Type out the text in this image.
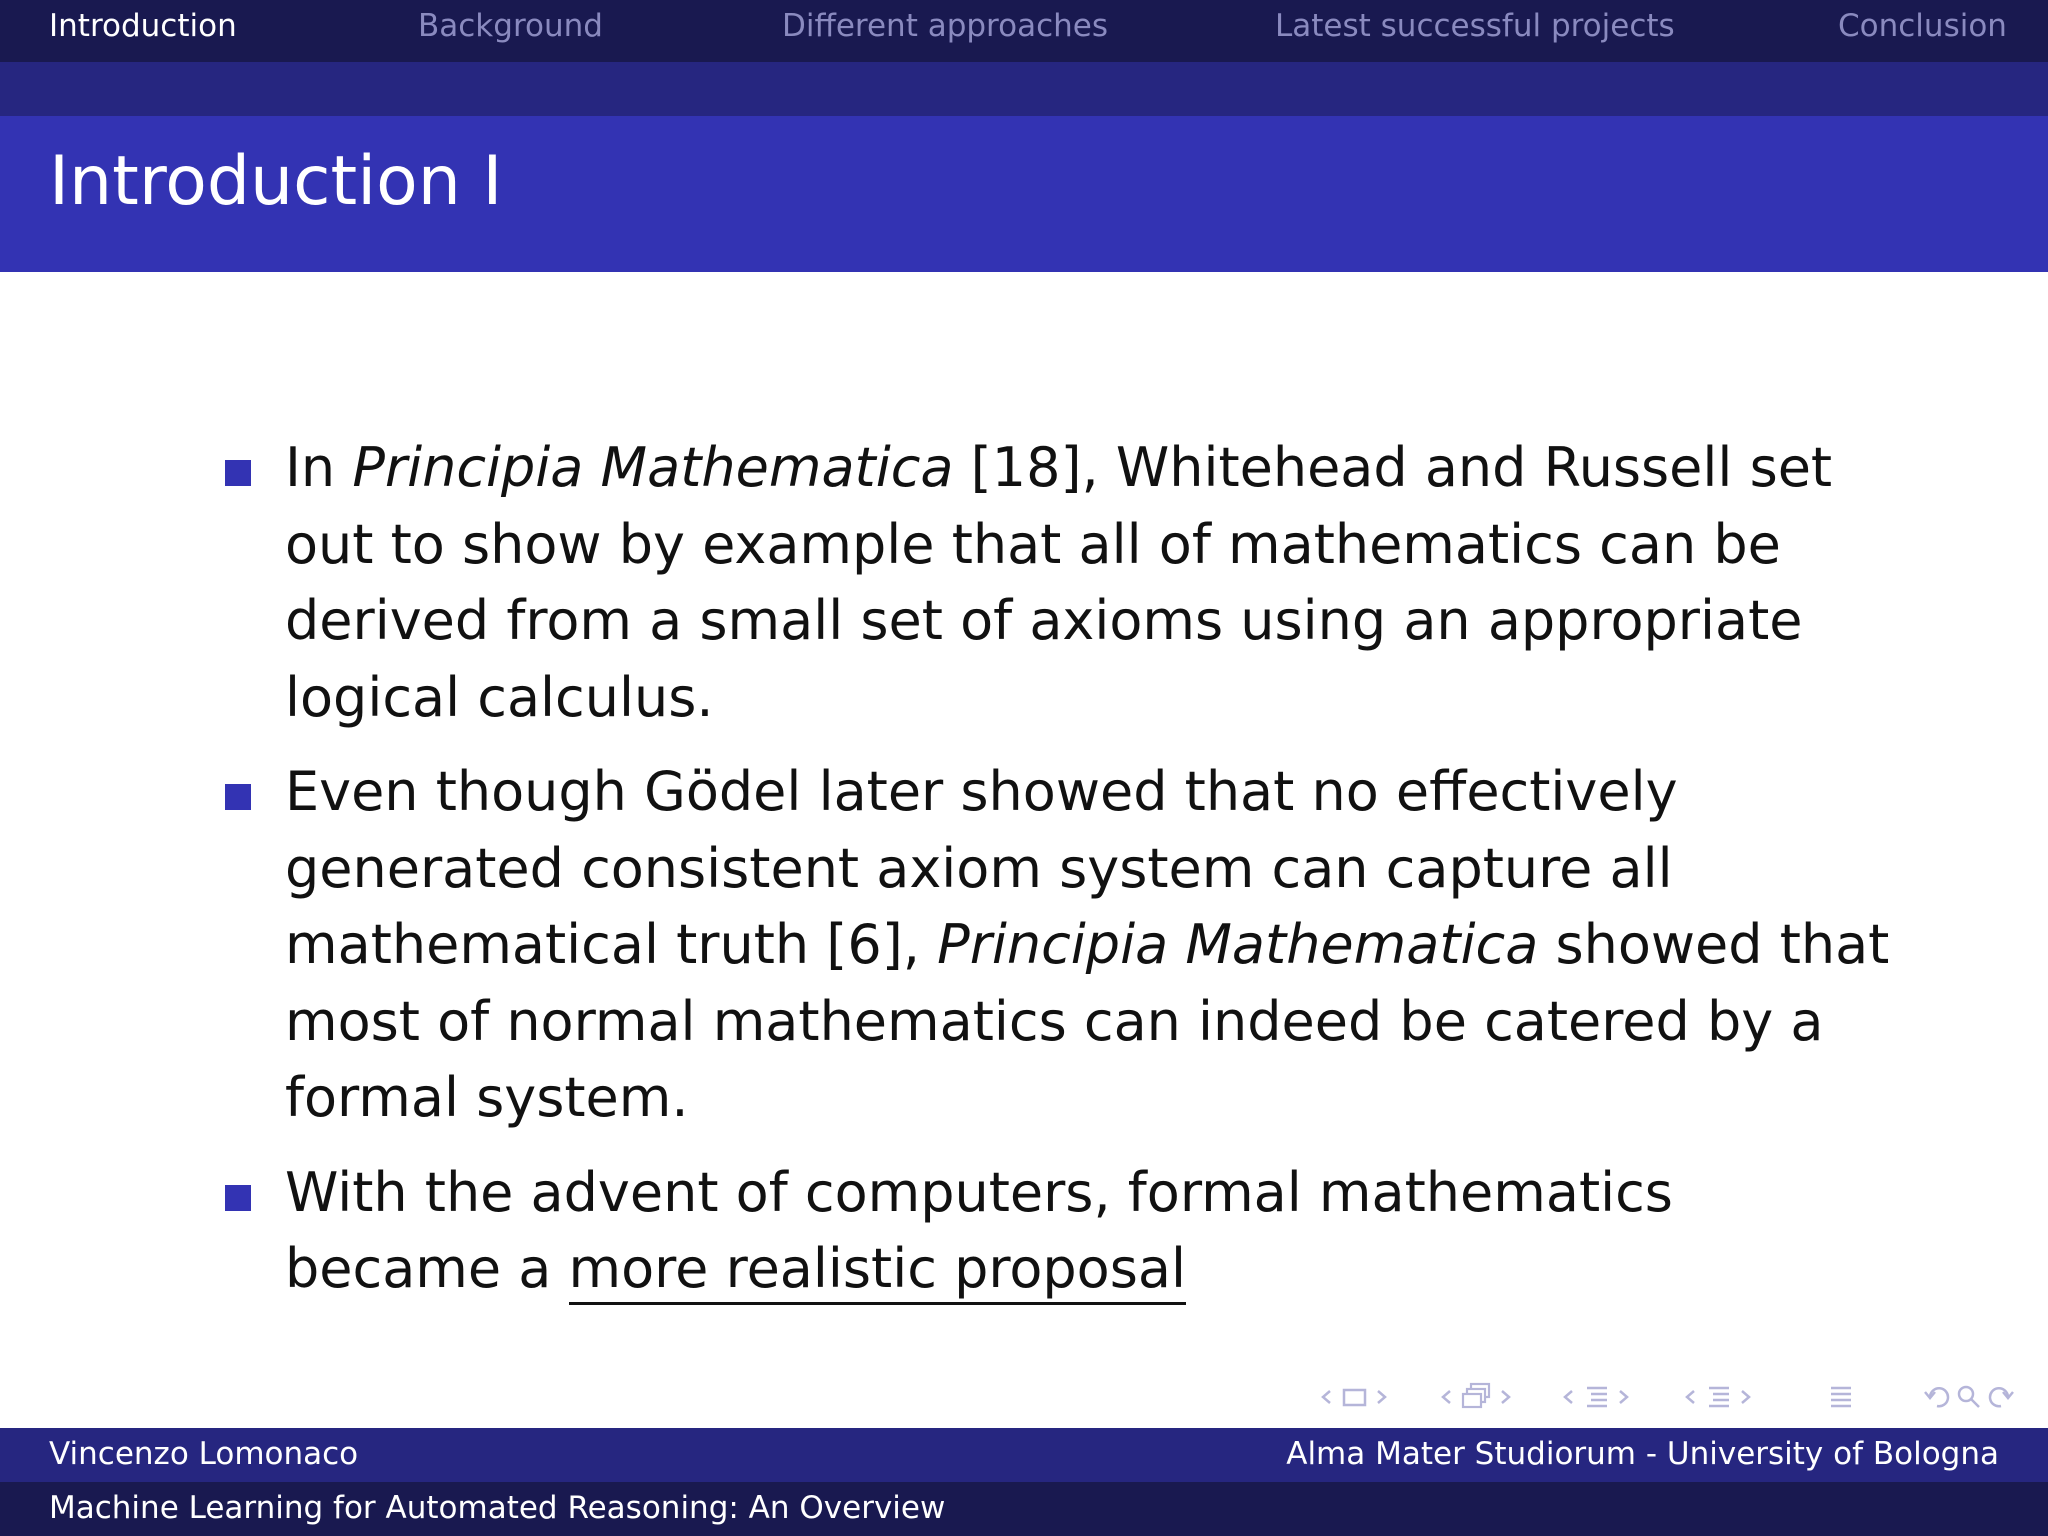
Introduction	Background	Different approaches	Latest successful projects	Conclusion
Introduction I
In Principia Mathematica [18], Whitehead and Russell set out to show by example that all of mathematics can be derived from a small set of axioms using an appropriate logical calculus.
Even though Gödel later showed that no effectively generated consistent axiom system can capture all mathematical truth [6], Principia Mathematica showed that most of normal mathematics can indeed be catered by a formal system.
With the advent of computers, formal mathematics became a more realistic proposal
Vincenzo Lomonaco	Alma Mater Studiorum - University of Bologna
Machine Learning for Automated Reasoning: An Overview
